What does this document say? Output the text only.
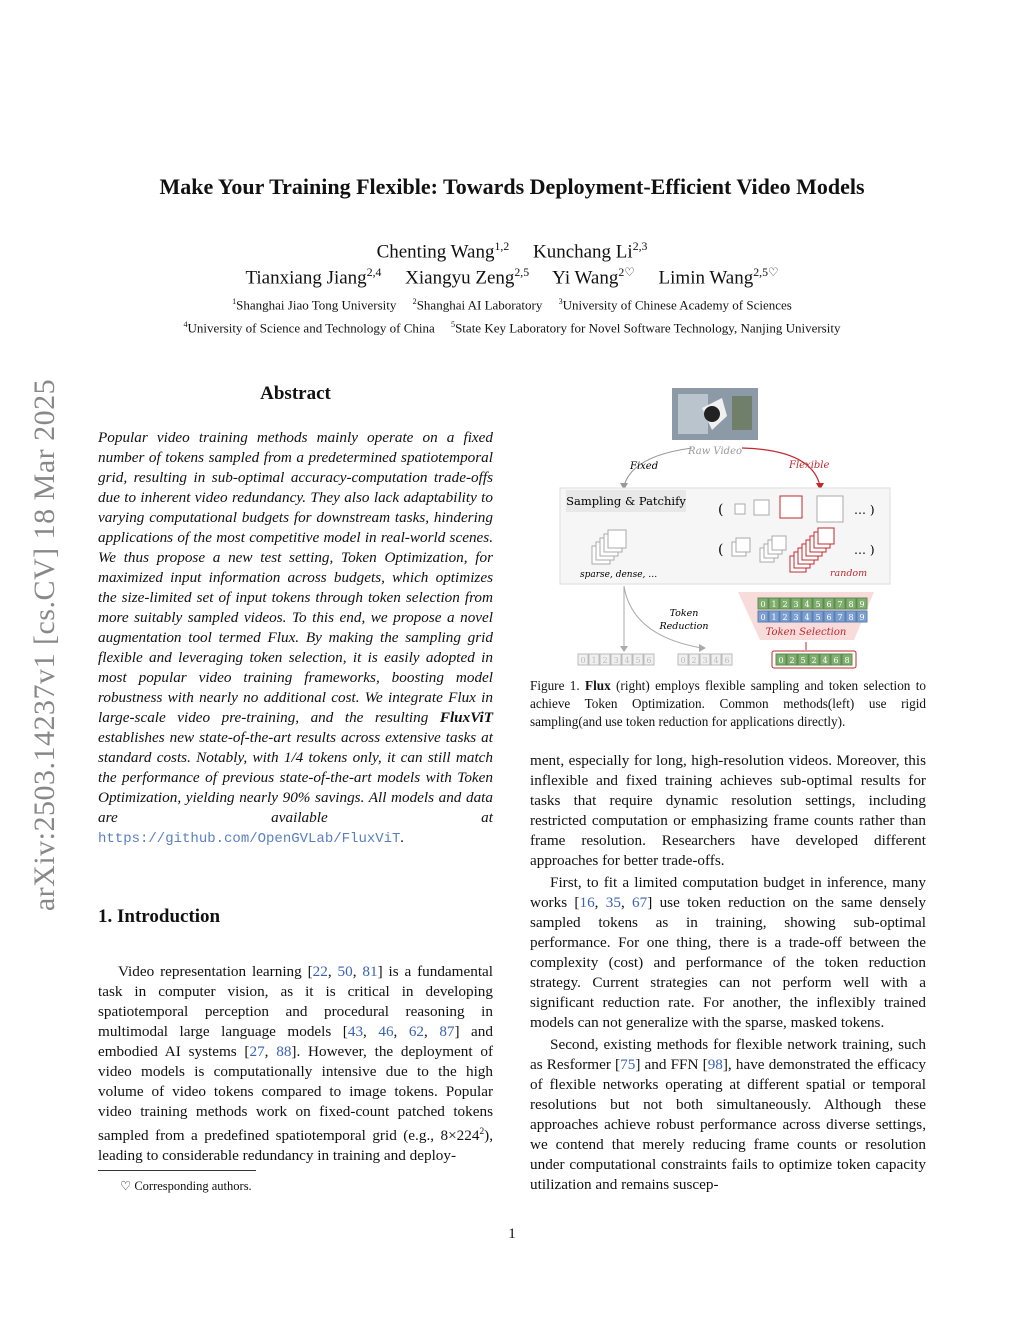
arXiv:2503.14237v1 [cs.CV] 18 Mar 2025
Make Your Training Flexible: Towards Deployment-Efficient Video Models
Chenting Wang$^{1,2}$ Kunchang Li$^{2,3}$
Tianxiang Jiang$^{2,4}$ Xiangyu Zeng$^{2,5}$ Yi Wang$^{2♡}$ Limin Wang$^{2,5♡}$
$^1$Shanghai Jiao Tong University $^2$Shanghai AI Laboratory $^3$University of Chinese Academy of Sciences
$^4$University of Science and Technology of China $^5$State Key Laboratory for Novel Software Technology, Nanjing University
Abstract

Popular video training methods mainly operate on a fixed number of tokens sampled from a predetermined spatiotemporal grid, resulting in sub-optimal accuracy-computation trade-offs due to inherent video redundancy. They also lack adaptability to varying computational budgets for downstream tasks, hindering applications of the most competitive model in real-world scenes. We thus propose a new test setting, Token Optimization, for maximized input information across budgets, which optimizes the size-limited set of input tokens through token selection from more suitably sampled videos. To this end, we propose a novel augmentation tool termed Flux. By making the sampling grid flexible and leveraging token selection, it is easily adopted in most popular video training frameworks, boosting model robustness with nearly no additional cost. We integrate Flux in large-scale video pre-training, and the resulting FluxViT establishes new state-of-the-art results across extensive tasks at standard costs. Notably, with 1/4 tokens only, it can still match the performance of previous state-of-the-art models with Token Optimization, yielding nearly 90% savings. All models and data are available at https://github.com/OpenGVLab/FluxViT.

1. Introduction

Video representation learning [22, 50, 81] is a fundamental task in computer vision, as it is critical in developing spatiotemporal perception and procedural reasoning in multimodal large language models [43, 46, 62, 87] and embodied AI systems [27, 88]. However, the deployment of video models is computationally intensive due to the high volume of video tokens compared to image tokens. Popular video training methods work on fixed-count patched tokens sampled from a predefined spatiotemporal grid (e.g., $8\times 224^2$), leading to considerable redundancy in training and deploy-

♡ Corresponding authors.
Raw Video
Fixed	Flexible
Sampling & Patchify
sparse, dense, …
(	… )
(	… )
random
Token
Reduction
0 1 2 3 4 5 6 7 8 9
0 1 2 3 4 5 6 7 8 9
Token Selection
0 1 2 3 4 5 6	0 2 3 4 6	0 2 5 2 4 6 8
Figure 1. Flux (right) employs flexible sampling and token selection to achieve Token Optimization. Common methods(left) use rigid sampling(and use token reduction for applications directly).

ment, especially for long, high-resolution videos. Moreover, this inflexible and fixed training achieves sub-optimal results for tasks that require dynamic resolution settings, including restricted computation or emphasizing frame counts rather than frame resolution. Researchers have developed different approaches for better trade-offs.

First, to fit a limited computation budget in inference, many works [16, 35, 67] use token reduction on the same densely sampled tokens as in training, showing sub-optimal performance. For one thing, there is a trade-off between the complexity (cost) and performance of the token reduction strategy. Current strategies can not perform well with a significant reduction rate. For another, the inflexibly trained models can not generalize with the sparse, masked tokens.

Second, existing methods for flexible network training, such as Resformer [75] and FFN [98], have demonstrated the efficacy of flexible networks operating at different spatial or temporal resolutions but not both simultaneously. Although these approaches achieve robust performance across diverse settings, we contend that merely reducing frame counts or resolution under computational constraints fails to optimize token capacity utilization and remains suscep-

1
